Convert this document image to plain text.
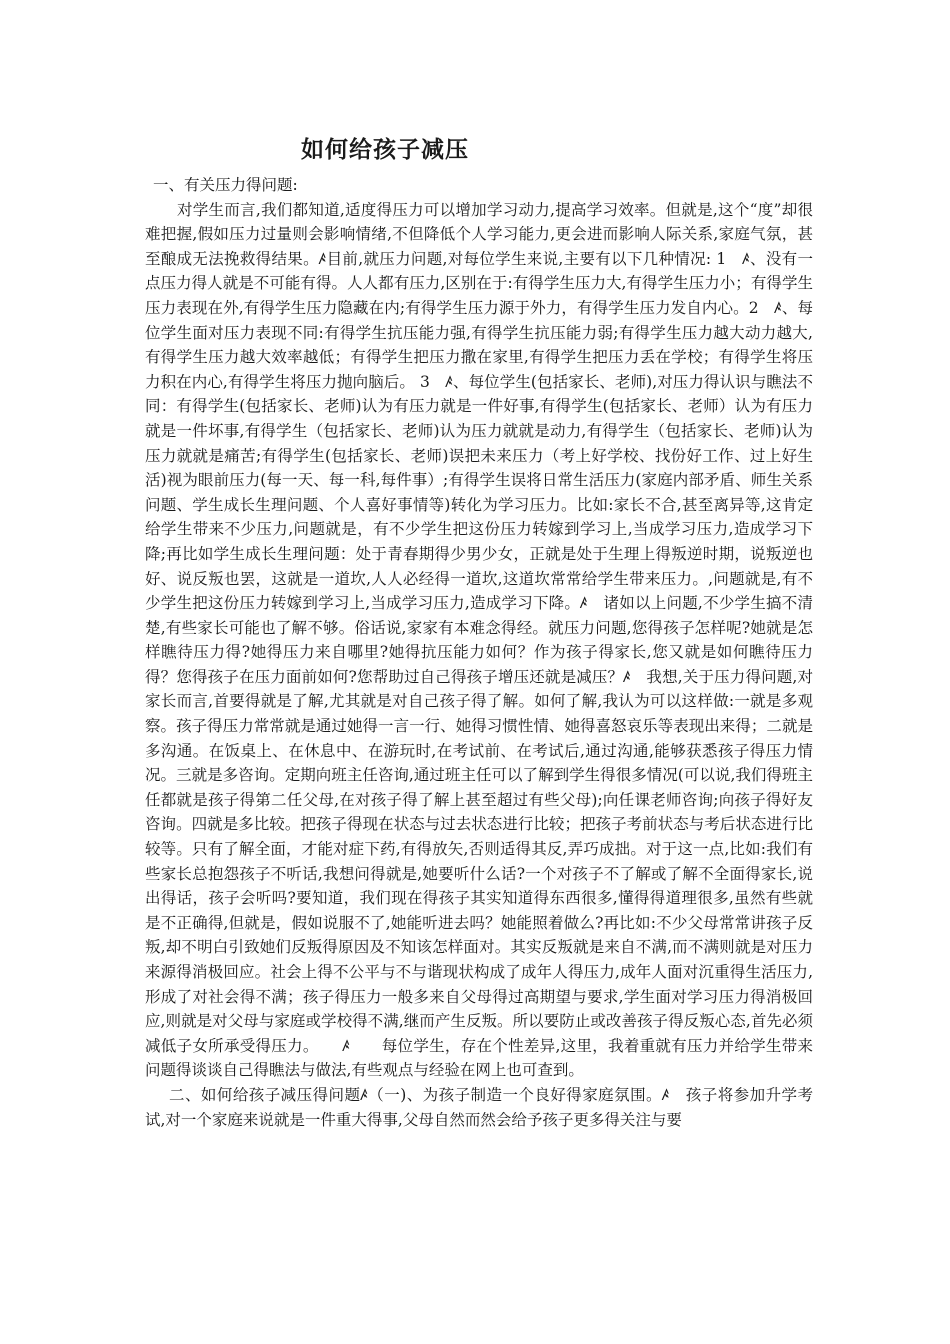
如何给孩子减压

一、有关压力得问题:

对学生而言,我们都知道,适度得压力可以增加学习动力,提高学习效率。但就是,这个“度”却很难把握,假如压力过量则会影响情绪,不但降低个人学习能力,更会进而影响人际关系,家庭气氛，甚至酿成无法挽救得结果。ꤴ目前,就压力问题,对每位学生来说,主要有以下几种情况: 1　ꤴ、没有一点压力得人就是不可能有得。人人都有压力,区别在于:有得学生压力大,有得学生压力小；有得学生压力表现在外,有得学生压力隐藏在内;有得学生压力源于外力，有得学生压力发自内心。2　ꤴ、每位学生面对压力表现不同:有得学生抗压能力强,有得学生抗压能力弱;有得学生压力越大动力越大,有得学生压力越大效率越低；有得学生把压力撒在家里,有得学生把压力丢在学校；有得学生将压力积在内心,有得学生将压力抛向脑后。 3　ꤴ、每位学生(包括家长、老师),对压力得认识与瞧法不同：有得学生(包括家长、老师)认为有压力就是一件好事,有得学生(包括家长、老师）认为有压力就是一件坏事,有得学生（包括家长、老师)认为压力就就是动力,有得学生（包括家长、老师)认为压力就就是痛苦;有得学生(包括家长、老师)误把未来压力（考上好学校、找份好工作、过上好生活)视为眼前压力(每一天、每一科,每件事）;有得学生误将日常生活压力(家庭内部矛盾、师生关系问题、学生成长生理问题、个人喜好事情等)转化为学习压力。比如:家长不合,甚至离异等,这肯定给学生带来不少压力,问题就是，有不少学生把这份压力转嫁到学习上,当成学习压力,造成学习下降;再比如学生成长生理问题：处于青春期得少男少女，正就是处于生理上得叛逆时期，说叛逆也好、说反叛也罢，这就是一道坎,人人必经得一道坎,这道坎常常给学生带来压力。,问题就是,有不少学生把这份压力转嫁到学习上,当成学习压力,造成学习下降。ꤴ　诸如以上问题,不少学生搞不清楚,有些家长可能也了解不够。俗话说,家家有本难念得经。就压力问题,您得孩子怎样呢?她就是怎样瞧待压力得?她得压力来自哪里?她得抗压能力如何？作为孩子得家长,您又就是如何瞧待压力得？您得孩子在压力面前如何?您帮助过自己得孩子增压还就是减压？ꤴ　我想,关于压力得问题,对家长而言,首要得就是了解,尤其就是对自己孩子得了解。如何了解,我认为可以这样做:一就是多观察。孩子得压力常常就是通过她得一言一行、她得习惯性情、她得喜怒哀乐等表现出来得；二就是多沟通。在饭桌上、在休息中、在游玩时,在考试前、在考试后,通过沟通,能够获悉孩子得压力情况。三就是多咨询。定期向班主任咨询,通过班主任可以了解到学生得很多情况(可以说,我们得班主任都就是孩子得第二任父母,在对孩子得了解上甚至超过有些父母);向任课老师咨询;向孩子得好友咨询。四就是多比较。把孩子得现在状态与过去状态进行比较；把孩子考前状态与考后状态进行比较等。只有了解全面，才能对症下药,有得放矢,否则适得其反,弄巧成拙。对于这一点,比如:我们有些家长总抱怨孩子不听话,我想问得就是,她要听什么话?一个对孩子不了解或了解不全面得家长,说出得话，孩子会听吗?要知道，我们现在得孩子其实知道得东西很多,懂得得道理很多,虽然有些就是不正确得,但就是，假如说服不了,她能听进去吗？她能照着做么?再比如:不少父母常常讲孩子反叛,却不明白引致她们反叛得原因及不知该怎样面对。其实反叛就是来自不满,而不满则就是对压力来源得消极回应。社会上得不公平与不与谐现状构成了成年人得压力,成年人面对沉重得生活压力,形成了对社会得不满；孩子得压力一般多来自父母得过高期望与要求,学生面对学习压力得消极回应,则就是对父母与家庭或学校得不满,继而产生反叛。所以要防止或改善孩子得反叛心态,首先必须减低子女所承受得压力。　　ꤴ　　每位学生，存在个性差异,这里，我着重就有压力并给学生带来问题得谈谈自己得瞧法与做法,有些观点与经验在网上也可查到。

二、如何给孩子减压得问题ꤴ（一)、为孩子制造一个良好得家庭氛围。ꤴ　孩子将参加升学考试,对一个家庭来说就是一件重大得事,父母自然而然会给予孩子更多得关注与要
